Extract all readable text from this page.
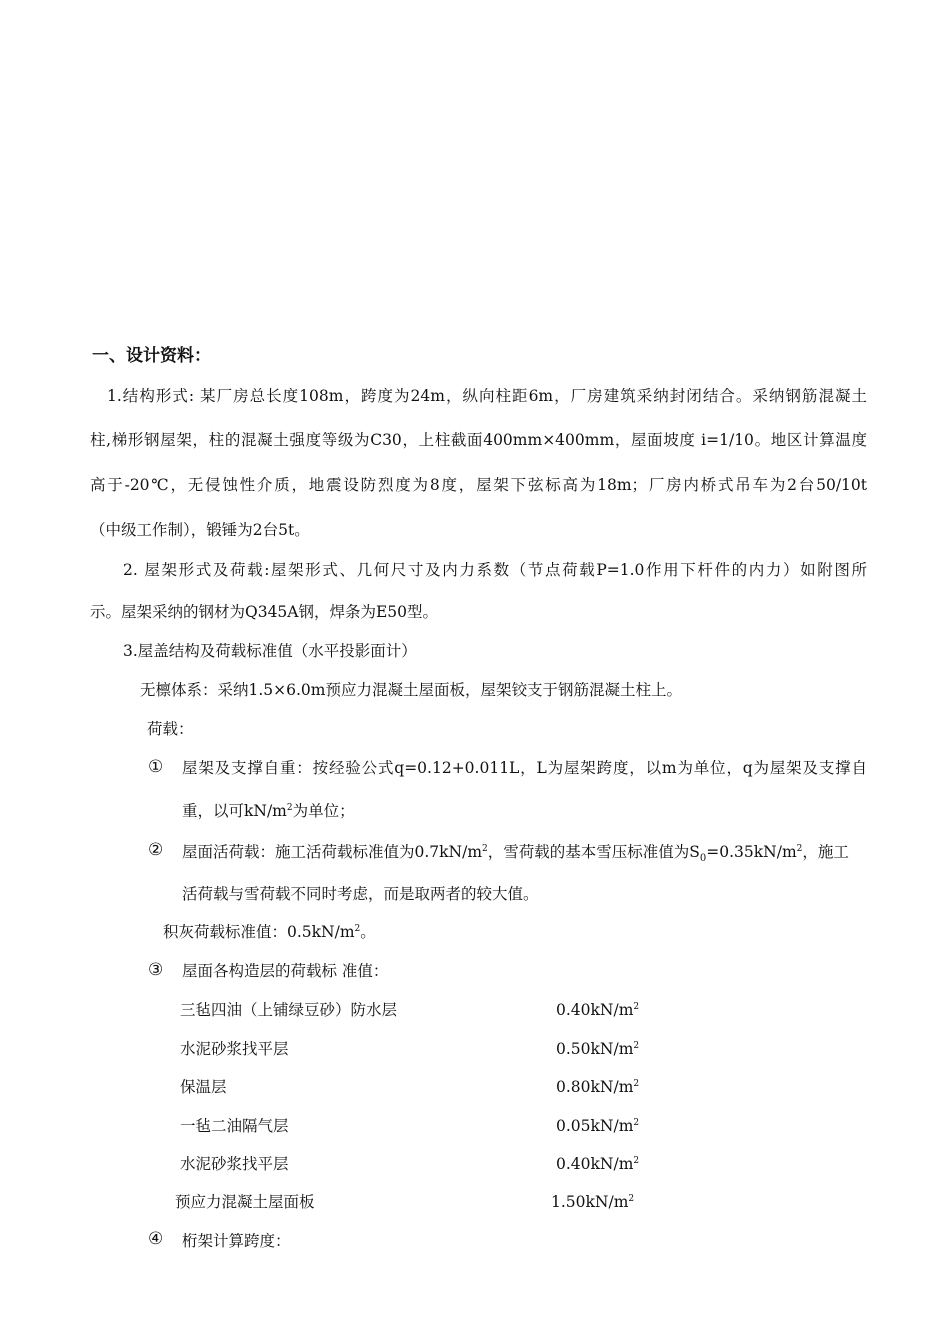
一、设计资料：
1.结构形式: 某厂房总长度108m，跨度为24m，纵向柱距6m，厂房建筑采纳封闭结合。采纳钢筋混凝土
柱,梯形钢屋架，柱的混凝土强度等级为C30，上柱截面400mm×400mm，屋面坡度 i=1/10。地区计算温度
高于-20℃，无侵蚀性介质，地震设防烈度为8度，屋架下弦标高为18m；厂房内桥式吊车为2台50/10t
（中级工作制），锻锤为2台5t。
2. 屋架形式及荷载:屋架形式、几何尺寸及内力系数（节点荷载P=1.0作用下杆件的内力）如附图所
示。屋架采纳的钢材为Q345A钢，焊条为E50型。
3.屋盖结构及荷载标准值（水平投影面计）
无檩体系：采纳1.5×6.0m预应力混凝土屋面板，屋架铰支于钢筋混凝土柱上。
荷载：
① 屋架及支撑自重：按经验公式q=0.12+0.011L，L为屋架跨度，以m为单位，q为屋架及支撑自
重，以可$kN/m^2$为单位；
② 屋面活荷载：施工活荷载标准值为$0.7kN/m^2$，雪荷载的基本雪压标准值为$S_0=0.35kN/m^2$，施工
活荷载与雪荷载不同时考虑，而是取两者的较大值。
积灰荷载标准值：$0.5kN/m^2$。
③ 屋面各构造层的荷载标 准值：
三毡四油（上铺绿豆砂）防水层	$0.40kN/m^2$
水泥砂浆找平层	$0.50kN/m^2$
保温层	$0.80kN/m^2$
一毡二油隔气层	$0.05kN/m^2$
水泥砂浆找平层	$0.40kN/m^2$
预应力混凝土屋面板	$1.50kN/m^2$
④ 桁架计算跨度：
